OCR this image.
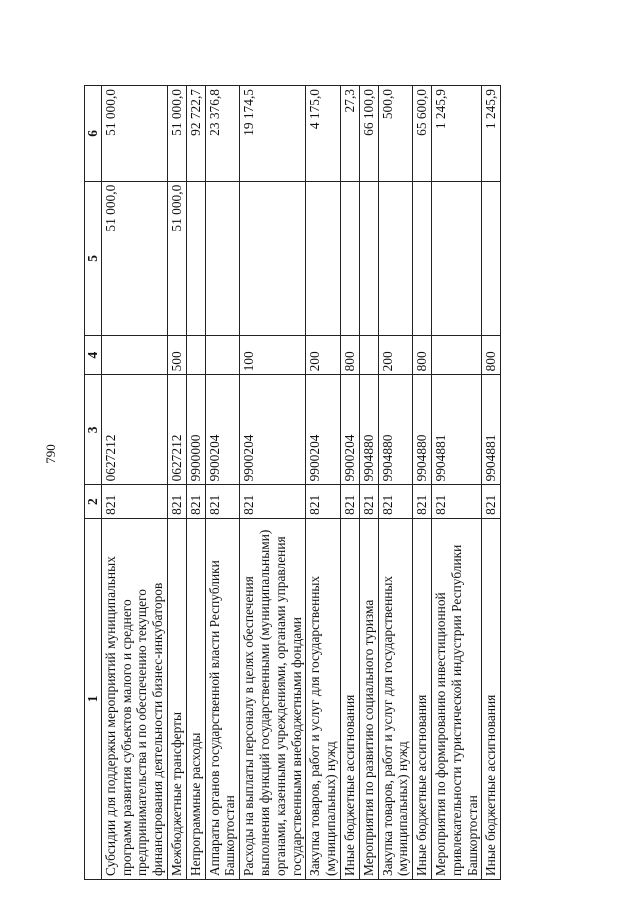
790
1	2	3	4	5	6
Субсидии для поддержки мероприятий муниципальных программ развития субъектов малого и среднего предпринимательства и по обеспечению текущего финансирования деятельности бизнес-инкубаторов	821	0627212		51 000,0	51 000,0
Межбюджетные трансферты	821	0627212	500	51 000,0	51 000,0
Непрограммные расходы	821	9900000			92 722,7
Аппараты органов государственной власти Республики Башкортостан	821	9900204			23 376,8
Расходы на выплаты персоналу в целях обеспечения выполнения функций государственными (муниципальными) органами, казенными учреждениями, органами управления государственными внебюджетными фондами	821	9900204	100		19 174,5
Закупка товаров, работ и услуг для государственных (муниципальных) нужд	821	9900204	200		4 175,0
Иные бюджетные ассигнования	821	9900204	800		27,3
Мероприятия по развитию социального туризма	821	9904880			66 100,0
Закупка товаров, работ и услуг для государственных (муниципальных) нужд	821	9904880	200		500,0
Иные бюджетные ассигнования	821	9904880	800		65 600,0
Мероприятия по формированию инвестиционной привлекательности туристической индустрии Республики Башкортостан	821	9904881			1 245,9
Иные бюджетные ассигнования	821	9904881	800		1 245,9
